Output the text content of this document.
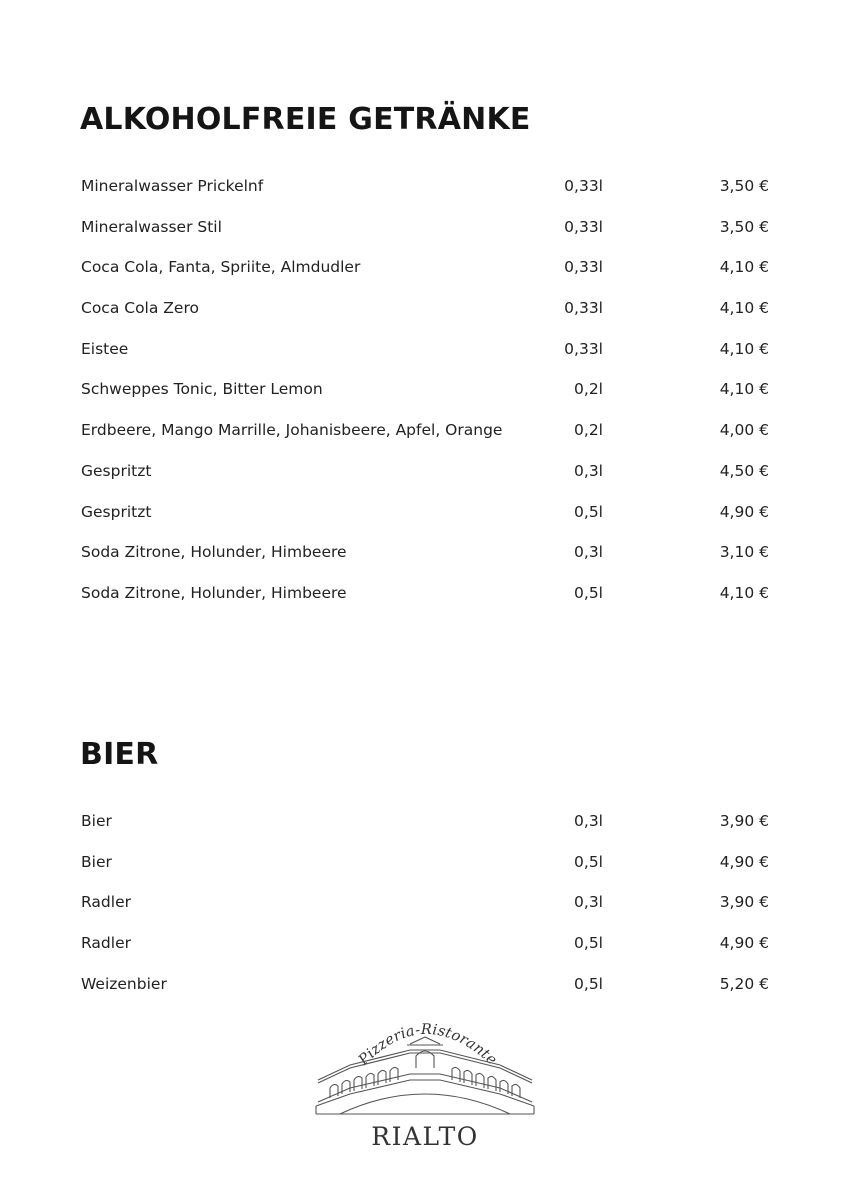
ALKOHOLFREIE GETRÄNKE
Mineralwasser Prickelnf	0,33l	3,50 €
Mineralwasser Stil	0,33l	3,50 €
Coca Cola, Fanta, Spriite, Almdudler	0,33l	4,10 €
Coca Cola Zero	0,33l	4,10 €
Eistee	0,33l	4,10 €
Schweppes Tonic, Bitter Lemon	0,2l	4,10 €
Erdbeere, Mango Marrille, Johanisbeere, Apfel, Orange	0,2l	4,00 €
Gespritzt	0,3l	4,50 €
Gespritzt	0,5l	4,90 €
Soda Zitrone, Holunder, Himbeere	0,3l	3,10 €
Soda Zitrone, Holunder, Himbeere	0,5l	4,10 €
BIER
Bier	0,3l	3,90 €
Bier	0,5l	4,90 €
Radler	0,3l	3,90 €
Radler	0,5l	4,90 €
Weizenbier	0,5l	5,20 €
Pizzeria-Ristorante
RIALTO
